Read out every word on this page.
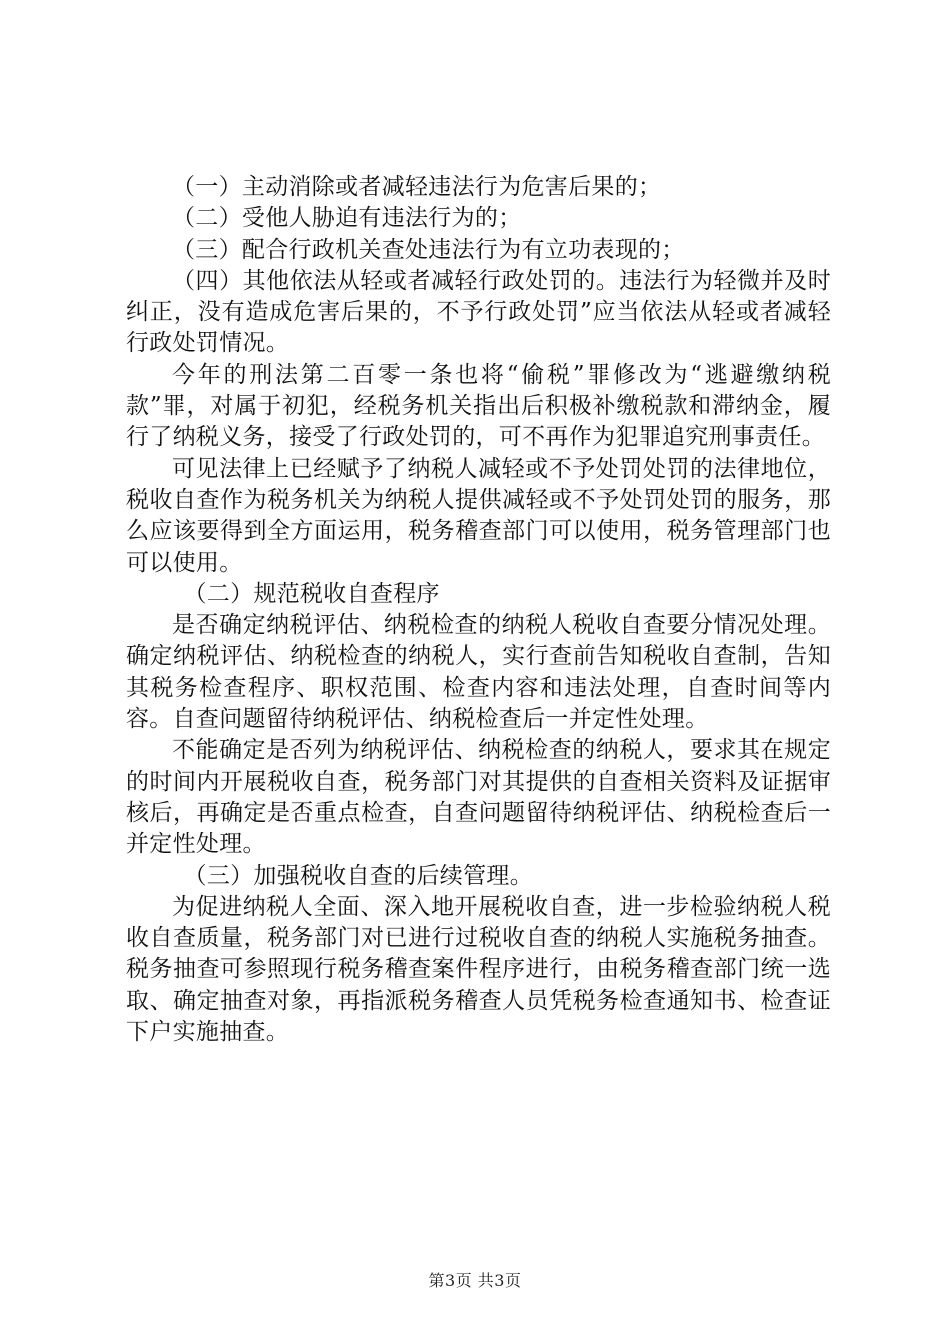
（一）主动消除或者减轻违法行为危害后果的；

（二）受他人胁迫有违法行为的；

（三）配合行政机关查处违法行为有立功表现的；

（四）其他依法从轻或者减轻行政处罚的。违法行为轻微并及时纠正，没有造成危害后果的，不予行政处罚”应当依法从轻或者减轻行政处罚情况。

今年的刑法第二百零一条也将“偷税”罪修改为“逃避缴纳税款”罪，对属于初犯，经税务机关指出后积极补缴税款和滞纳金，履行了纳税义务，接受了行政处罚的，可不再作为犯罪追究刑事责任。

可见法律上已经赋予了纳税人减轻或不予处罚处罚的法律地位，税收自查作为税务机关为纳税人提供减轻或不予处罚处罚的服务，那么应该要得到全方面运用，税务稽查部门可以使用，税务管理部门也可以使用。

（二）规范税收自查程序

是否确定纳税评估、纳税检查的纳税人税收自查要分情况处理。确定纳税评估、纳税检查的纳税人，实行查前告知税收自查制，告知其税务检查程序、职权范围、检查内容和违法处理，自查时间等内容。自查问题留待纳税评估、纳税检查后一并定性处理。

不能确定是否列为纳税评估、纳税检查的纳税人，要求其在规定的时间内开展税收自查，税务部门对其提供的自查相关资料及证据审核后，再确定是否重点检查，自查问题留待纳税评估、纳税检查后一并定性处理。

（三）加强税收自查的后续管理。

为促进纳税人全面、深入地开展税收自查，进一步检验纳税人税收自查质量，税务部门对已进行过税收自查的纳税人实施税务抽查。税务抽查可参照现行税务稽查案件程序进行，由税务稽查部门统一选取、确定抽查对象，再指派税务稽查人员凭税务检查通知书、检查证下户实施抽查。

第3页 共3页
